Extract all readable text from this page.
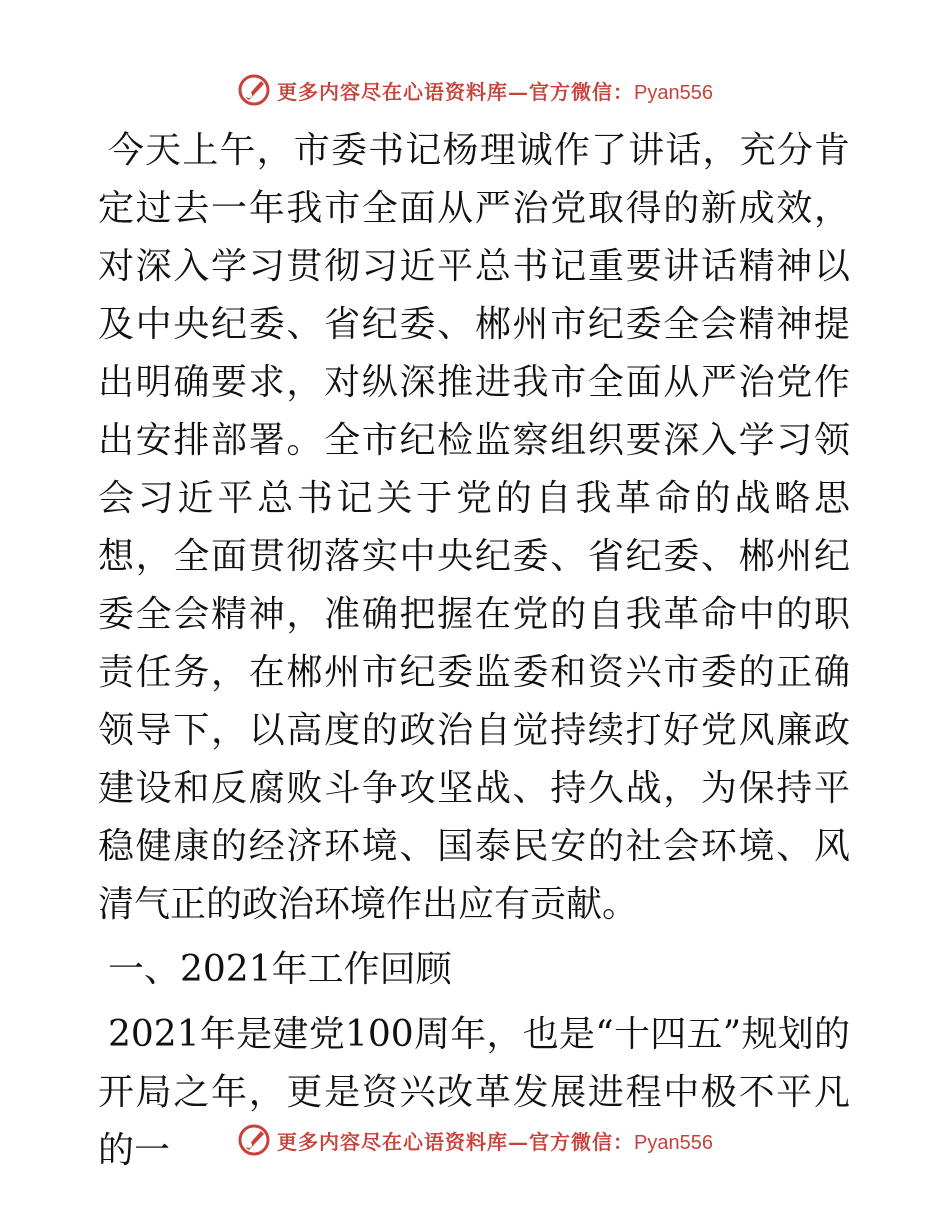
更多内容尽在心语资料库—官方微信：Pyan556

今天上午，市委书记杨理诚作了讲话，充分肯定过去一年我市全面从严治党取得的新成效，对深入学习贯彻习近平总书记重要讲话精神以及中央纪委、省纪委、郴州市纪委全会精神提出明确要求，对纵深推进我市全面从严治党作出安排部署。全市纪检监察组织要深入学习领会习近平总书记关于党的自我革命的战略思想，全面贯彻落实中央纪委、省纪委、郴州纪委全会精神，准确把握在党的自我革命中的职责任务，在郴州市纪委监委和资兴市委的正确领导下，以高度的政治自觉持续打好党风廉政建设和反腐败斗争攻坚战、持久战，为保持平稳健康的经济环境、国泰民安的社会环境、风清气正的政治环境作出应有贡献。

一、2021年工作回顾

2021年是建党100周年，也是“十四五”规划的开局之年，更是资兴改革发展进程中极不平凡的一	更多内容尽在心语资料库—官方微信：Pyan556
